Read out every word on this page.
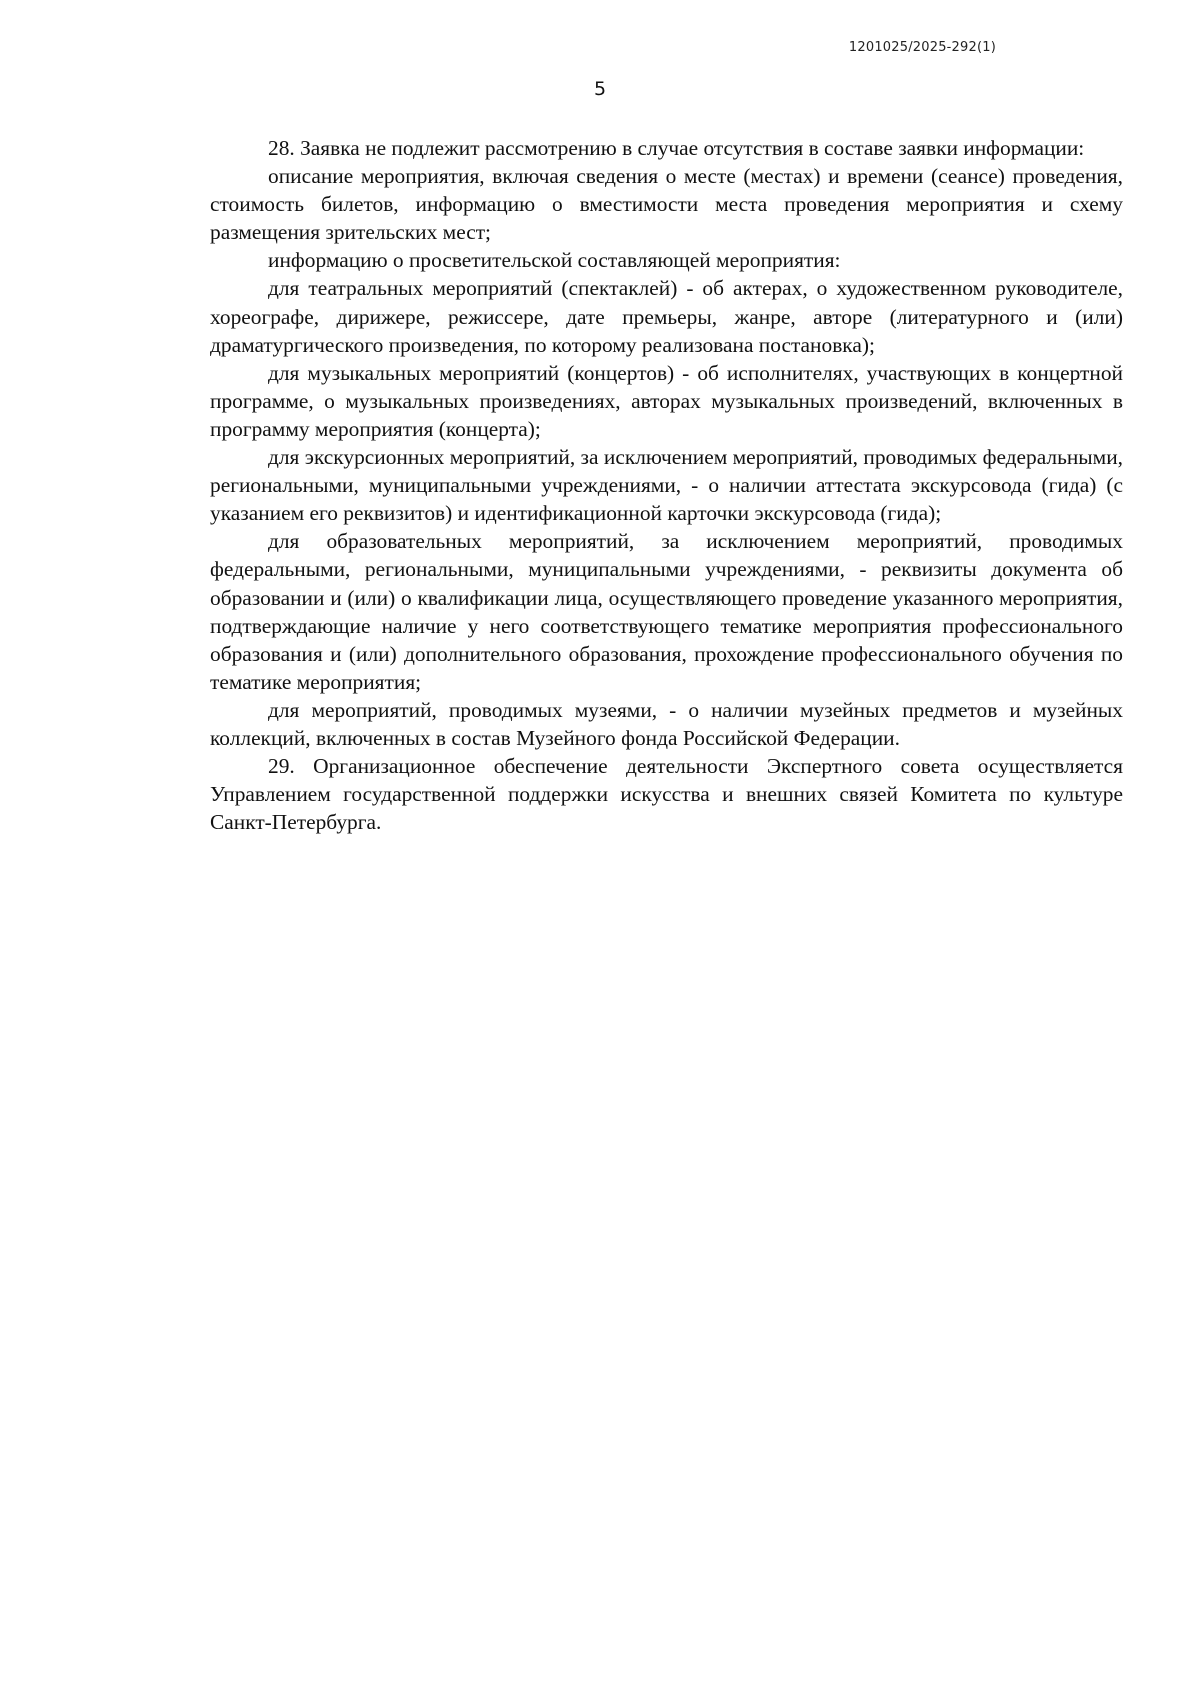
1201025/2025-292(1)
5

28. Заявка не подлежит рассмотрению в случае отсутствия в составе заявки информации:

описание мероприятия, включая сведения о месте (местах) и времени (сеансе) проведения, стоимость билетов, информацию о вместимости места проведения мероприятия и схему размещения зрительских мест;

информацию о просветительской составляющей мероприятия:

для театральных мероприятий (спектаклей) - об актерах, о художественном руководителе, хореографе, дирижере, режиссере, дате премьеры, жанре, авторе (литературного и (или) драматургического произведения, по которому реализована постановка);

для музыкальных мероприятий (концертов) - об исполнителях, участвующих в концертной программе, о музыкальных произведениях, авторах музыкальных произведений, включенных в программу мероприятия (концерта);

для экскурсионных мероприятий, за исключением мероприятий, проводимых федеральными, региональными, муниципальными учреждениями, - о наличии аттестата экскурсовода (гида) (с указанием его реквизитов) и идентификационной карточки экскурсовода (гида);

для образовательных мероприятий, за исключением мероприятий, проводимых федеральными, региональными, муниципальными учреждениями, - реквизиты документа об образовании и (или) о квалификации лица, осуществляющего проведение указанного мероприятия, подтверждающие наличие у него соответствующего тематике мероприятия профессионального образования и (или) дополнительного образования, прохождение профессионального обучения по тематике мероприятия;

для мероприятий, проводимых музеями, - о наличии музейных предметов и музейных коллекций, включенных в состав Музейного фонда Российской Федерации.

29. Организационное обеспечение деятельности Экспертного совета осуществляется Управлением государственной поддержки искусства и внешних связей Комитета по культуре Санкт-Петербурга.
